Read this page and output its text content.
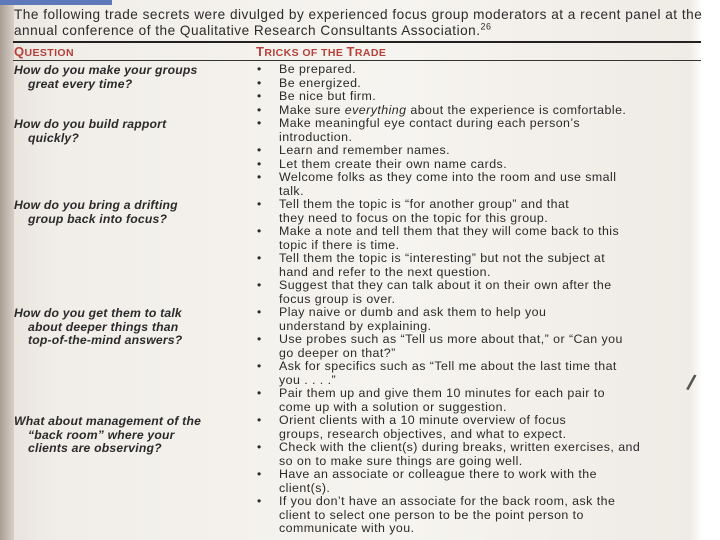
The following trade secrets were divulged by experienced focus group moderators at a recent panel at the annual conference of the Qualitative Research Consultants Association.$^{26}$
QUESTION	TRICKS OF THE TRADE
How do you make your groups
great every time?
How do you build rapport
quickly?
How do you bring a drifting
group back into focus?
How do you get them to talk
about deeper things than
top-of-the-mind answers?
What about management of the
“back room” where your
clients are observing?
• Be prepared.
• Be energized.
• Be nice but firm.
• Make sure everything about the experience is comfortable.
• Make meaningful eye contact during each person’s
introduction.
• Learn and remember names.
• Let them create their own name cards.
• Welcome folks as they come into the room and use small
talk.
• Tell them the topic is “for another group” and that
they need to focus on the topic for this group.
• Make a note and tell them that they will come back to this
topic if there is time.
• Tell them the topic is “interesting” but not the subject at
hand and refer to the next question.
• Suggest that they can talk about it on their own after the
focus group is over.
• Play naive or dumb and ask them to help you
understand by explaining.
• Use probes such as “Tell us more about that,” or “Can you
go deeper on that?”
• Ask for specifics such as “Tell me about the last time that
you . . . .”
• Pair them up and give them 10 minutes for each pair to
come up with a solution or suggestion.
• Orient clients with a 10 minute overview of focus
groups, research objectives, and what to expect.
• Check with the client(s) during breaks, written exercises, and
so on to make sure things are going well.
• Have an associate or colleague there to work with the
client(s).
• If you don’t have an associate for the back room, ask the
client to select one person to be the point person to
communicate with you.
/
